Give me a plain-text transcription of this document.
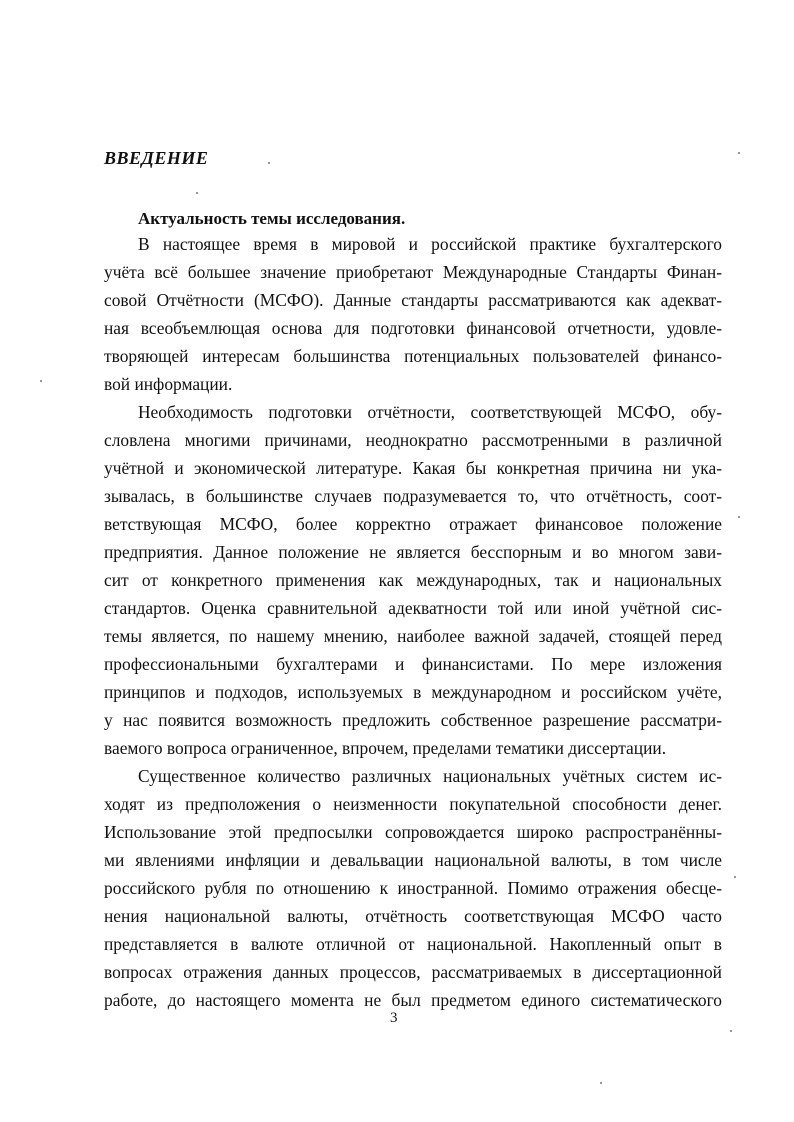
ВВЕДЕНИЕ
Актуальность темы исследования.
В настоящее время в мировой и российской практике бухгалтерского
учёта всё большее значение приобретают Международные Стандарты Финан-
совой Отчётности (МСФО). Данные стандарты рассматриваются как адекват-
ная всеобъемлющая основа для подготовки финансовой отчетности, удовле-
творяющей интересам большинства потенциальных пользователей финансо-
вой информации.
Необходимость подготовки отчётности, соответствующей МСФО, обу-
словлена многими причинами, неоднократно рассмотренными в различной
учётной и экономической литературе. Какая бы конкретная причина ни ука-
зывалась, в большинстве случаев подразумевается то, что отчётность, соот-
ветствующая МСФО, более корректно отражает финансовое положение
предприятия. Данное положение не является бесспорным и во многом зави-
сит от конкретного применения как международных, так и национальных
стандартов. Оценка сравнительной адекватности той или иной учётной сис-
темы является, по нашему мнению, наиболее важной задачей, стоящей перед
профессиональными бухгалтерами и финансистами. По мере изложения
принципов и подходов, используемых в международном и российском учёте,
у нас появится возможность предложить собственное разрешение рассматри-
ваемого вопроса ограниченное, впрочем, пределами тематики диссертации.
Существенное количество различных национальных учётных систем ис-
ходят из предположения о неизменности покупательной способности денег.
Использование этой предпосылки сопровождается широко распространённы-
ми явлениями инфляции и девальвации национальной валюты, в том числе
российского рубля по отношению к иностранной. Помимо отражения обесце-
нения национальной валюты, отчётность соответствующая МСФО часто
представляется в валюте отличной от национальной. Накопленный опыт в
вопросах отражения данных процессов, рассматриваемых в диссертационной
работе, до настоящего момента не был предметом единого систематического
3
